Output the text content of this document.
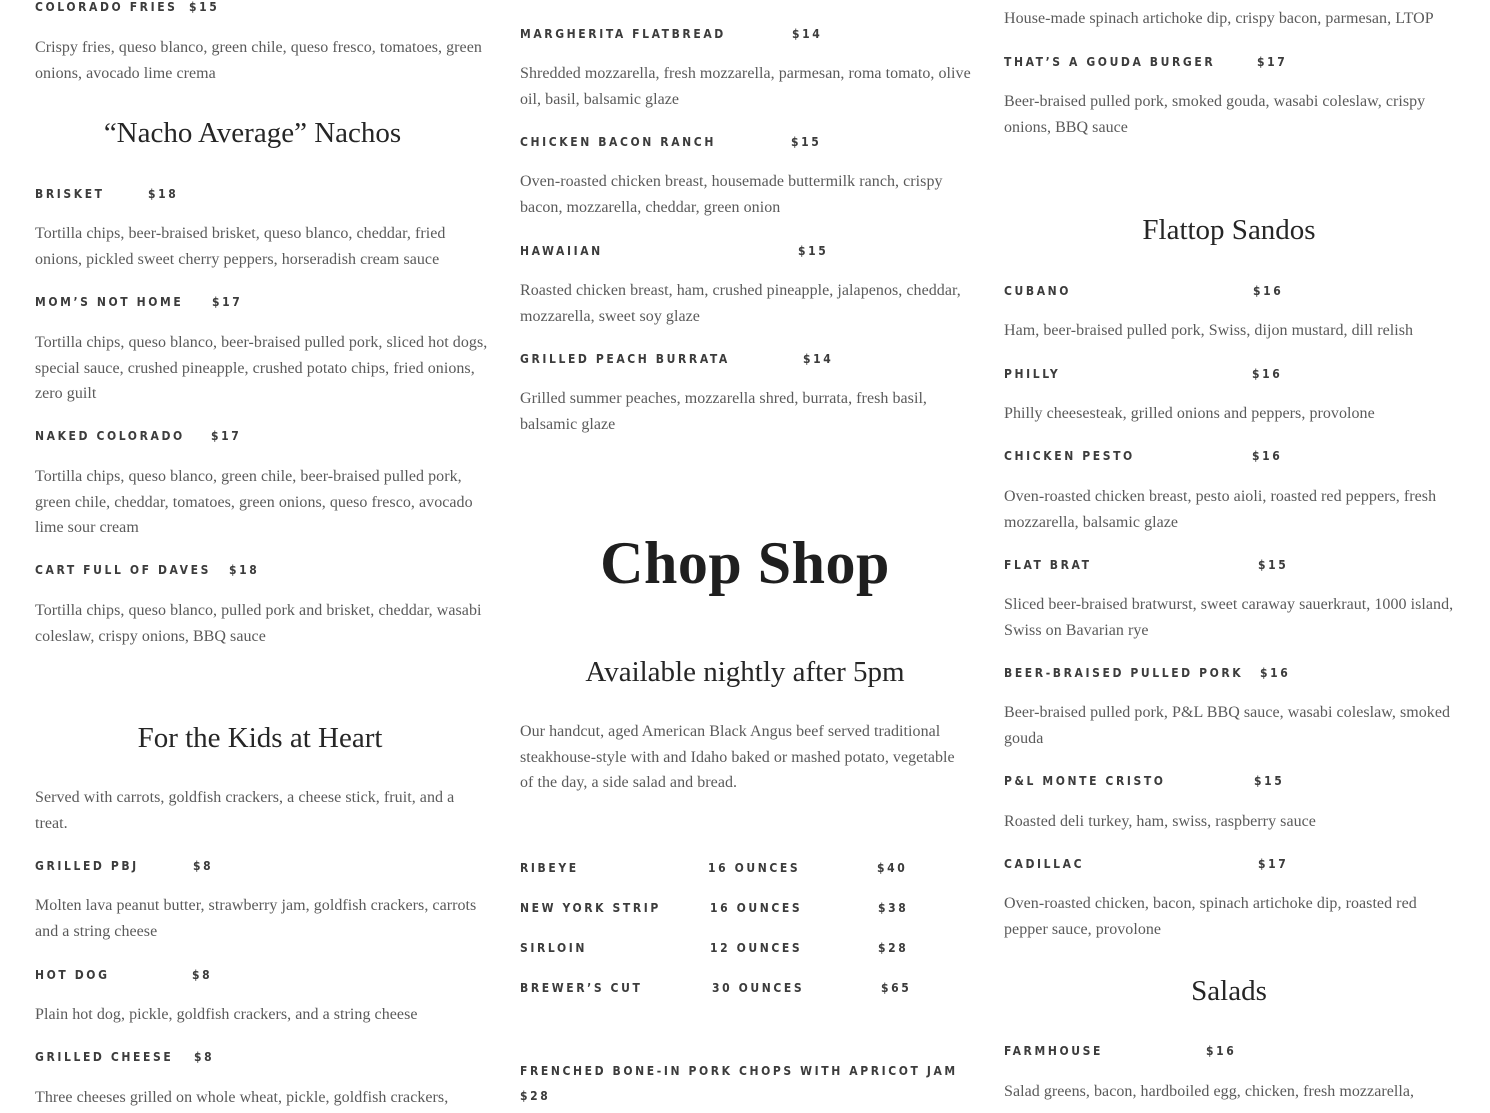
COLORADO FRIES $15

Crispy fries, queso blanco, green chile, queso fresco, tomatoes, green onions, avocado lime crema

“Nacho Average” Nachos
BRISKET	$18

Tortilla chips, beer-braised brisket, queso blanco, cheddar, fried onions, pickled sweet cherry peppers, horseradish cream sauce

MOM’S NOT HOME $17

Tortilla chips, queso blanco, beer-braised pulled pork, sliced hot dogs, special sauce, crushed pineapple, crushed potato chips, fried onions, zero guilt

NAKED COLORADO $17

Tortilla chips, queso blanco, green chile, beer-braised pulled pork, green chile, cheddar, tomatoes, green onions, queso fresco, avocado lime sour cream

CART FULL OF DAVES $18

Tortilla chips, queso blanco, pulled pork and brisket, cheddar, wasabi coleslaw, crispy onions, BBQ sauce

For the Kids at Heart

Served with carrots, goldfish crackers, a cheese stick, fruit, and a treat.

GRILLED PBJ	$8

Molten lava peanut butter, strawberry jam, goldfish crackers, carrots and a string cheese

HOT DOG	$8

Plain hot dog, pickle, goldfish crackers, and a string cheese

GRILLED CHEESE $8

Three cheeses grilled on whole wheat, pickle, goldfish crackers,

MARGHERITA FLATBREAD	$14

Shredded mozzarella, fresh mozzarella, parmesan, roma tomato, olive oil, basil, balsamic glaze

CHICKEN BACON RANCH	$15

Oven-roasted chicken breast, housemade buttermilk ranch, crispy bacon, mozzarella, cheddar, green onion

HAWAIIAN	$15

Roasted chicken breast, ham, crushed pineapple, jalapenos, cheddar, mozzarella, sweet soy glaze

GRILLED PEACH BURRATA	$14

Grilled summer peaches, mozzarella shred, burrata, fresh basil, balsamic glaze

Chop Shop
Available nightly after 5pm

Our handcut, aged American Black Angus beef served traditional steakhouse-style with and Idaho baked or mashed potato, vegetable of the day, a side salad and bread.

RIBEYE	16 OUNCES	$40
NEW YORK STRIP	16 OUNCES	$38
SIRLOIN	12 OUNCES	$28
BREWER’S CUT	30 OUNCES	$65
FRENCHED BONE-IN PORK CHOPS WITH APRICOT JAM
$28

House-made spinach artichoke dip, crispy bacon, parmesan, LTOP

THAT’S A GOUDA BURGER	$17

Beer-braised pulled pork, smoked gouda, wasabi coleslaw, crispy onions, BBQ sauce

Flattop Sandos
CUBANO	$16

Ham, beer-braised pulled pork, Swiss, dijon mustard, dill relish

PHILLY	$16

Philly cheesesteak, grilled onions and peppers, provolone

CHICKEN PESTO	$16

Oven-roasted chicken breast, pesto aioli, roasted red peppers, fresh mozzarella, balsamic glaze

FLAT BRAT	$15

Sliced beer-braised bratwurst, sweet caraway sauerkraut, 1000 island, Swiss on Bavarian rye

BEER-BRAISED PULLED PORK $16

Beer-braised pulled pork, P&L BBQ sauce, wasabi coleslaw, smoked gouda

P&L MONTE CRISTO	$15

Roasted deli turkey, ham, swiss, raspberry sauce

CADILLAC	$17

Oven-roasted chicken, bacon, spinach artichoke dip, roasted red pepper sauce, provolone

Salads
FARMHOUSE	$16

Salad greens, bacon, hardboiled egg, chicken, fresh mozzarella,
